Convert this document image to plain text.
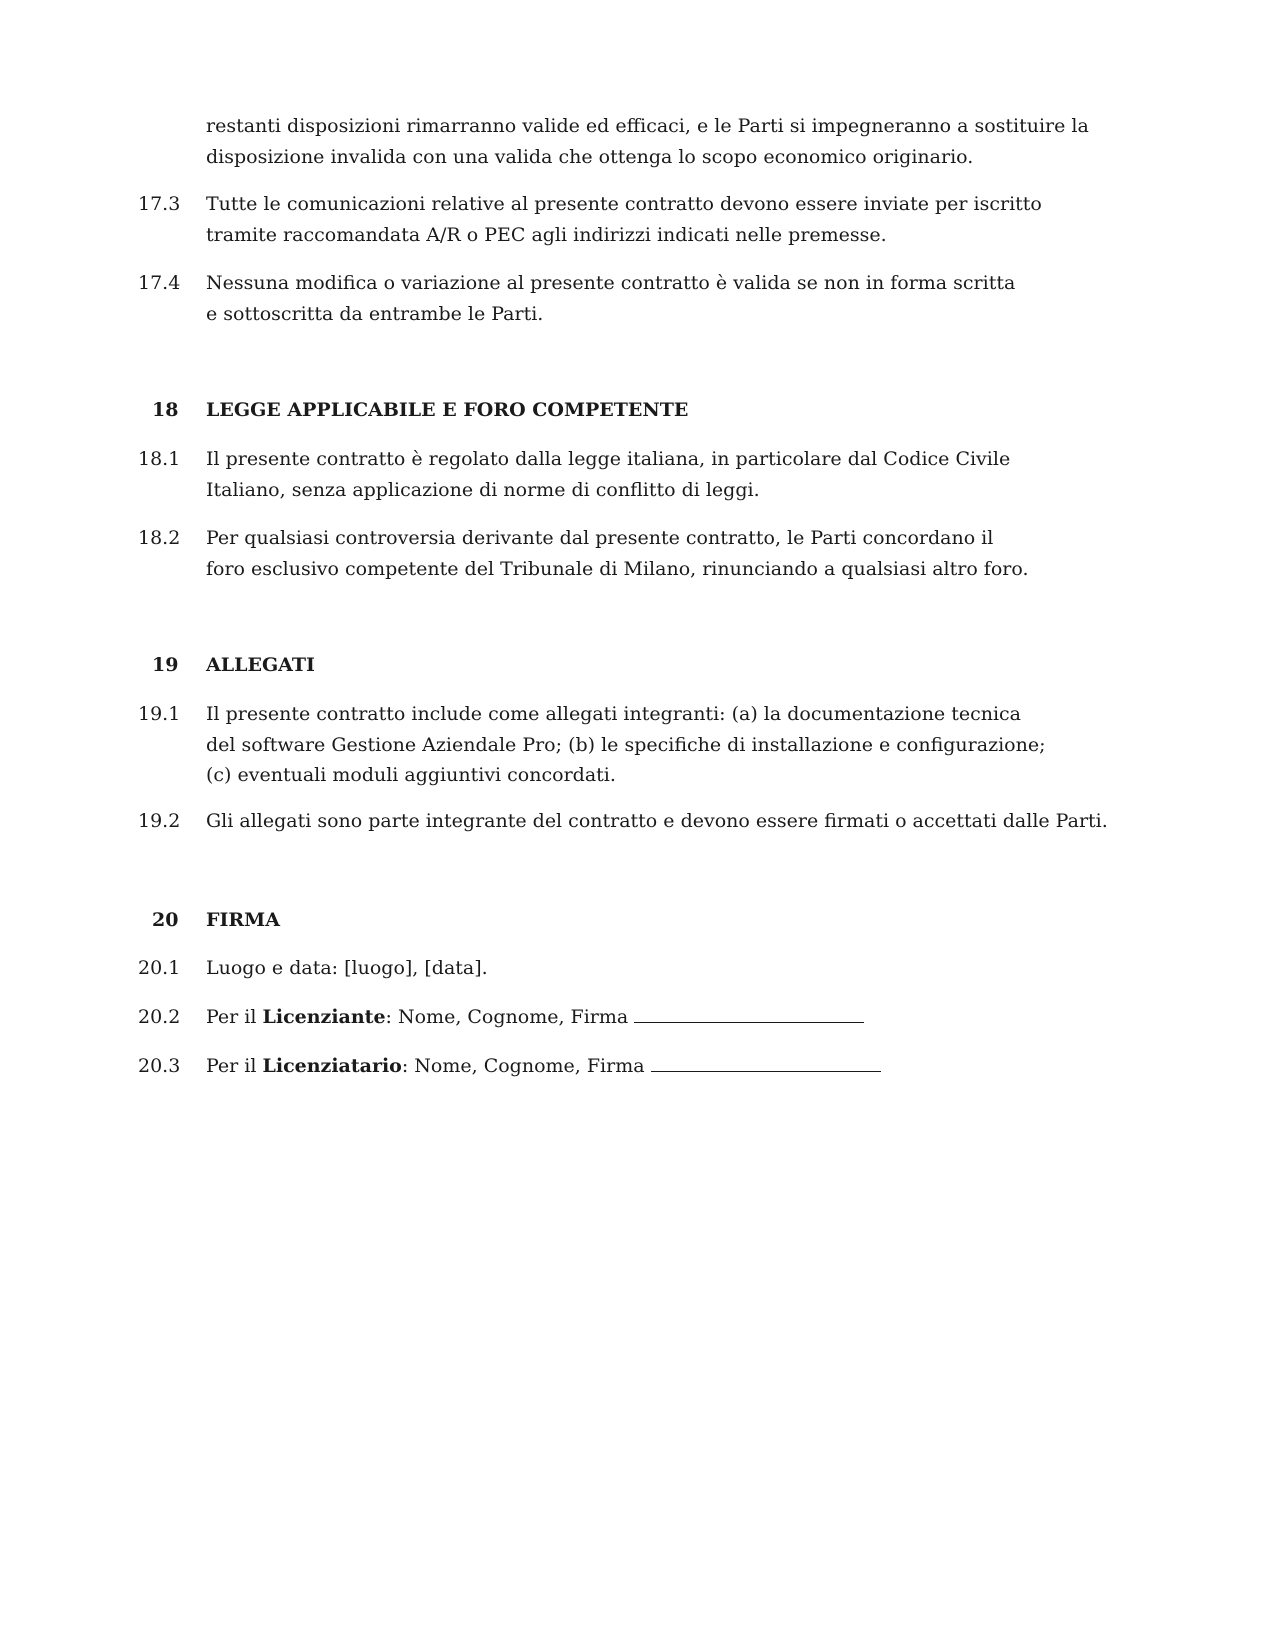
restanti disposizioni rimarranno valide ed efficaci, e le Parti si impegneranno a sostituire la disposizione invalida con una valida che ottenga lo scopo economico originario.
17.3 Tutte le comunicazioni relative al presente contratto devono essere inviate per iscritto tramite raccomandata A/R o PEC agli indirizzi indicati nelle premesse.
17.4 Nessuna modifica o variazione al presente contratto è valida se non in forma scritta e sottoscritta da entrambe le Parti.
18 LEGGE APPLICABILE E FORO COMPETENTE
18.1 Il presente contratto è regolato dalla legge italiana, in particolare dal Codice Civile Italiano, senza applicazione di norme di conflitto di leggi.
18.2 Per qualsiasi controversia derivante dal presente contratto, le Parti concordano il foro esclusivo competente del Tribunale di Milano, rinunciando a qualsiasi altro foro.
19 ALLEGATI
19.1 Il presente contratto include come allegati integranti: (a) la documentazione tecnica del software Gestione Aziendale Pro; (b) le specifiche di installazione e configurazione; (c) eventuali moduli aggiuntivi concordati.
19.2 Gli allegati sono parte integrante del contratto e devono essere firmati o accettati dalle Parti.
20 FIRMA
20.1 Luogo e data: [luogo], [data].
20.2 Per il Licenziante: Nome, Cognome, Firma
20.3 Per il Licenziatario: Nome, Cognome, Firma
